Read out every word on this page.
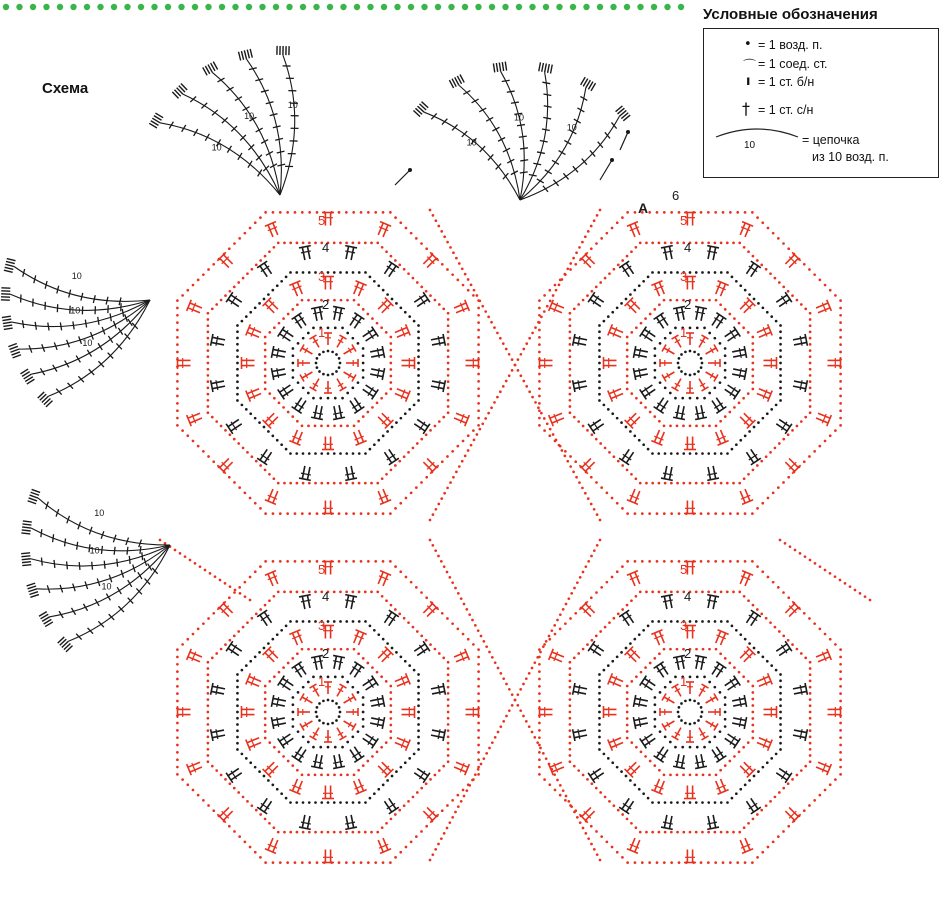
1
2
3
4
5
1
2
3
4
5
А
6
1
2
3
4
5
1
2
3
4
5
10
10
10
10
10
10
10
10
10
10
10
10
Схема
Условные обозначения
• = 1 возд. п.
⌒ = 1 соед. ст.
ı = 1 ст. б/н
† = 1 ст. с/н
10	= цепочка
из 10 возд. п.
